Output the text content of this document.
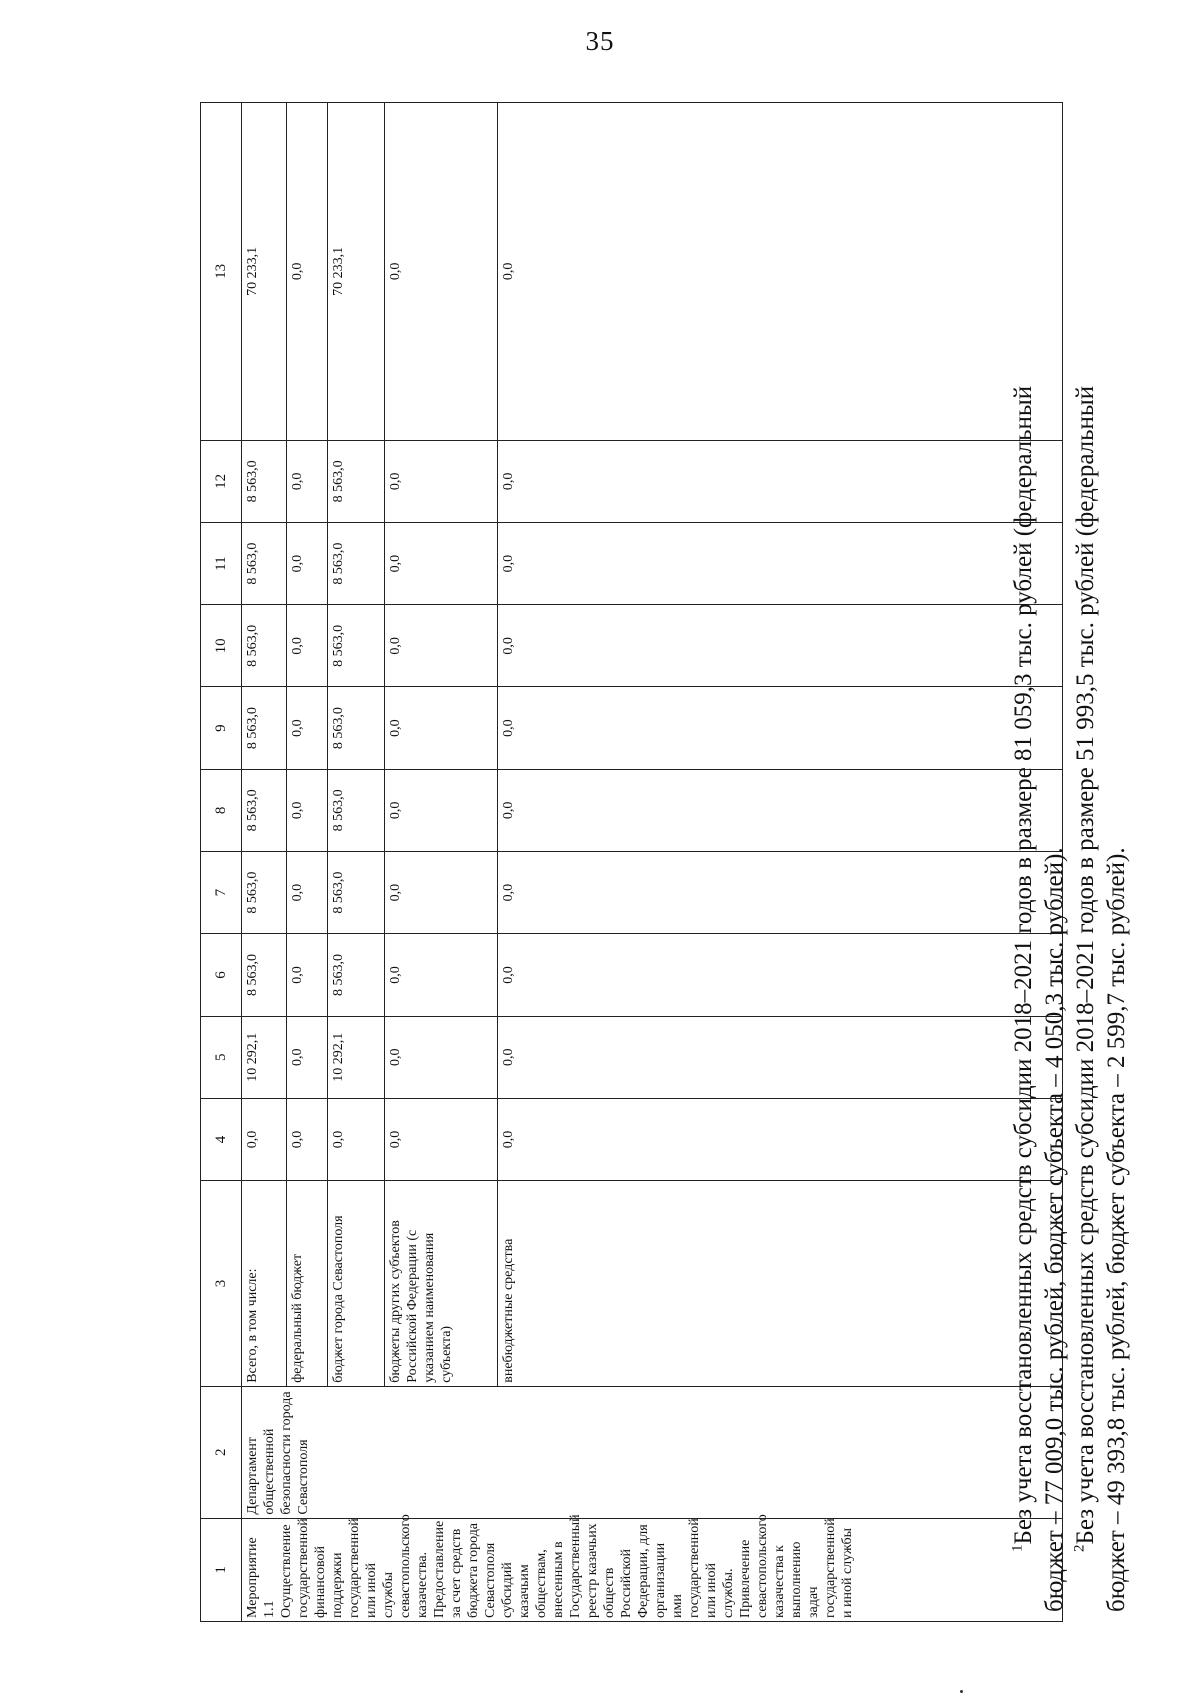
35
1	2	3	4	5	6	7	8	9	10	11	12	13
Мероприятие 1.1 Осуществление государственной финансовой поддержки государственной или иной службы севастопольского казачества. Предоставление за счет средств бюджета города Севастополя субсидий казачьим обществам, внесенным в Государственный реестр казачьих обществ Российской Федерации, для организации ими государственной или иной службы. Привлечение севастопольского казачества к выполнению задач государственной и иной службы	Департамент общественной безопасности города Севастополя	Всего, в том числе:	0,0	10 292,1	8 563,0	8 563,0	8 563,0	8 563,0	8 563,0	8 563,0	8 563,0	70 233,1
		федеральный бюджет	0,0	0,0	0,0	0,0	0,0	0,0	0,0	0,0	0,0	0,0
		бюджет города Севастополя	0,0	10 292,1	8 563,0	8 563,0	8 563,0	8 563,0	8 563,0	8 563,0	8 563,0	70 233,1
		бюджеты других субъектов Российской Федерации (с указанием наименования субъекта)	0,0	0,0	0,0	0,0	0,0	0,0	0,0	0,0	0,0	0,0
		внебюджетные средства	0,0	0,0	0,0	0,0	0,0	0,0	0,0	0,0	0,0	0,0

$^1$Без учета восстановленных средств субсидии 2018–2021 годов в размере 81 059,3 тыс. рублей (федеральный бюджет – 77 009,0 тыс. рублей, бюджет субъекта – 4 050,3 тыс. рублей). $^2$Без учета восстановленных средств субсидии 2018–2021 годов в размере 51 993,5 тыс. рублей (федеральный бюджет – 49 393,8 тыс. рублей, бюджет субъекта – 2 599,7 тыс. рублей).
